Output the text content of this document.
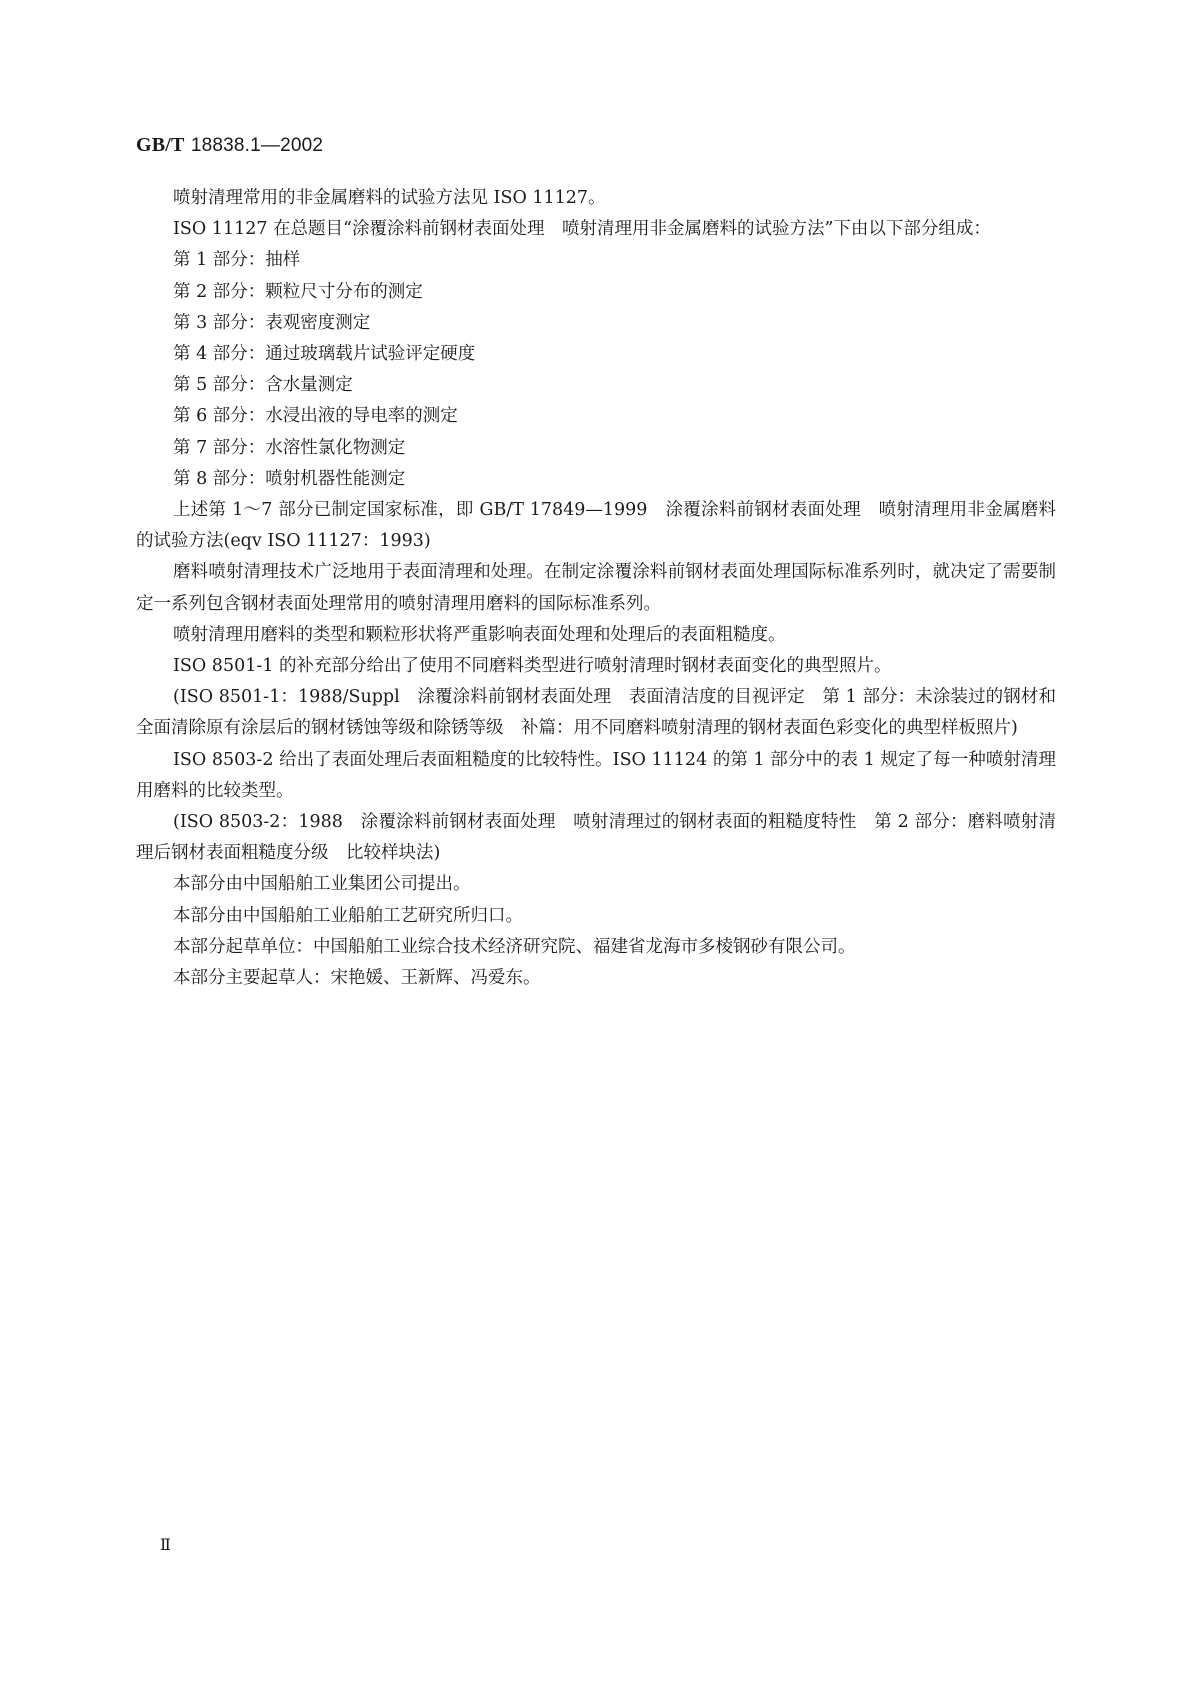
GB/T 18838.1—2002

喷射清理常用的非金属磨料的试验方法见 ISO 11127。

ISO 11127 在总题目“涂覆涂料前钢材表面处理　喷射清理用非金属磨料的试验方法”下由以下部分组成：

第 1 部分：抽样

第 2 部分：颗粒尺寸分布的测定

第 3 部分：表观密度测定

第 4 部分：通过玻璃载片试验评定硬度

第 5 部分：含水量测定

第 6 部分：水浸出液的导电率的测定

第 7 部分：水溶性氯化物测定

第 8 部分：喷射机器性能测定

上述第 1～7 部分已制定国家标准，即 GB/T 17849—1999　涂覆涂料前钢材表面处理　喷射清理用非金属磨料的试验方法(eqv ISO 11127：1993)

磨料喷射清理技术广泛地用于表面清理和处理。在制定涂覆涂料前钢材表面处理国际标准系列时，就决定了需要制定一系列包含钢材表面处理常用的喷射清理用磨料的国际标准系列。

喷射清理用磨料的类型和颗粒形状将严重影响表面处理和处理后的表面粗糙度。

ISO 8501-1 的补充部分给出了使用不同磨料类型进行喷射清理时钢材表面变化的典型照片。

(ISO 8501-1：1988/Suppl　涂覆涂料前钢材表面处理　表面清洁度的目视评定　第 1 部分：未涂装过的钢材和全面清除原有涂层后的钢材锈蚀等级和除锈等级　补篇：用不同磨料喷射清理的钢材表面色彩变化的典型样板照片)

ISO 8503-2 给出了表面处理后表面粗糙度的比较特性。ISO 11124 的第 1 部分中的表 1 规定了每一种喷射清理用磨料的比较类型。

(ISO 8503-2：1988　涂覆涂料前钢材表面处理　喷射清理过的钢材表面的粗糙度特性　第 2 部分：磨料喷射清理后钢材表面粗糙度分级　比较样块法)

本部分由中国船舶工业集团公司提出。

本部分由中国船舶工业船舶工艺研究所归口。

本部分起草单位：中国船舶工业综合技术经济研究院、福建省龙海市多棱钢砂有限公司。

本部分主要起草人：宋艳媛、王新辉、冯爱东。

Ⅱ
